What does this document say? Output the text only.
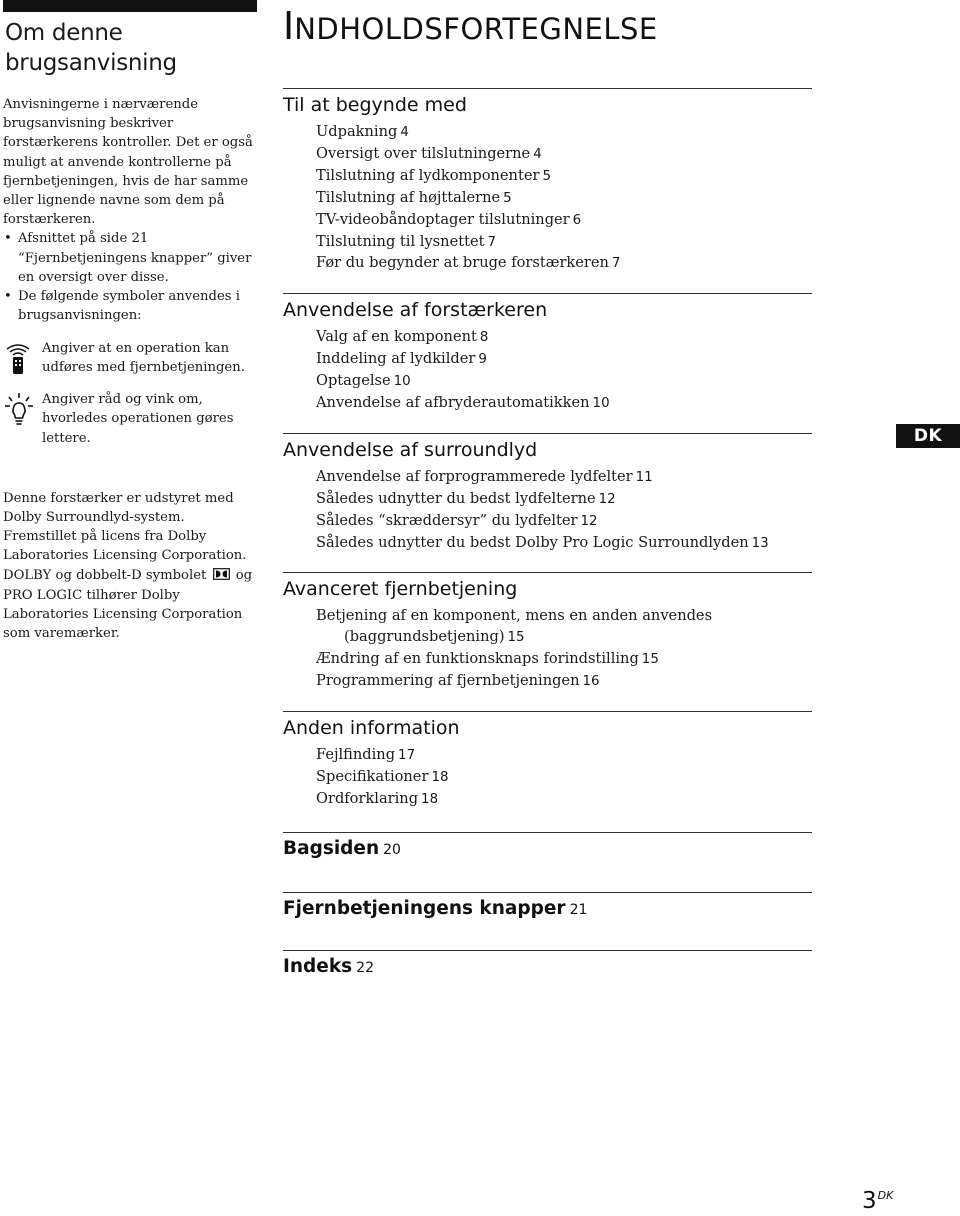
Om denne
brugsanvisning

Anvisningerne i nærværende brugsanvisning beskriver forstærkerens kontroller. Det er også muligt at anvende kontrollerne på fjernbetjeningen, hvis de har samme eller lignende navne som dem på forstærkeren.

• Afsnittet på side 21 “Fjernbetjeningens knapper” giver en oversigt over disse.

• De følgende symboler anvendes i brugsanvisningen:

Angiver at en operation kan udføres med fjernbetjeningen.

Angiver råd og vink om, hvorledes operationen gøres lettere.

Denne forstærker er udstyret med Dolby Surroundlyd-system. Fremstillet på licens fra Dolby Laboratories Licensing Corporation. DOLBY og dobbelt-D symbolet og PRO LOGIC tilhører Dolby Laboratories Licensing Corporation som varemærker.

INDHOLDSFORTEGNELSE
Til at begynde med
Udpakning 4
Oversigt over tilslutningerne 4
Tilslutning af lydkomponenter 5
Tilslutning af højttalerne 5
TV-videobåndoptager tilslutninger 6
Tilslutning til lysnettet 7
Før du begynder at bruge forstærkeren 7
Anvendelse af forstærkeren
Valg af en komponent 8
Inddeling af lydkilder 9
Optagelse 10
Anvendelse af afbryderautomatikken 10
Anvendelse af surroundlyd
Anvendelse af forprogrammerede lydfelter 11
Således udnytter du bedst lydfelterne 12
Således “skræddersyr” du lydfelter 12
Således udnytter du bedst Dolby Pro Logic Surroundlyden 13
Avanceret fjernbetjening
Betjening af en komponent, mens en anden anvendes
(baggrundsbetjening) 15
Ændring af en funktionsknaps forindstilling 15
Programmering af fjernbetjeningen 16
Anden information
Fejlfinding 17
Specifikationer 18
Ordforklaring 18
Bagsiden 20
Fjernbetjeningens knapper 21
Indeks 22
DK
$3^{DK}$
